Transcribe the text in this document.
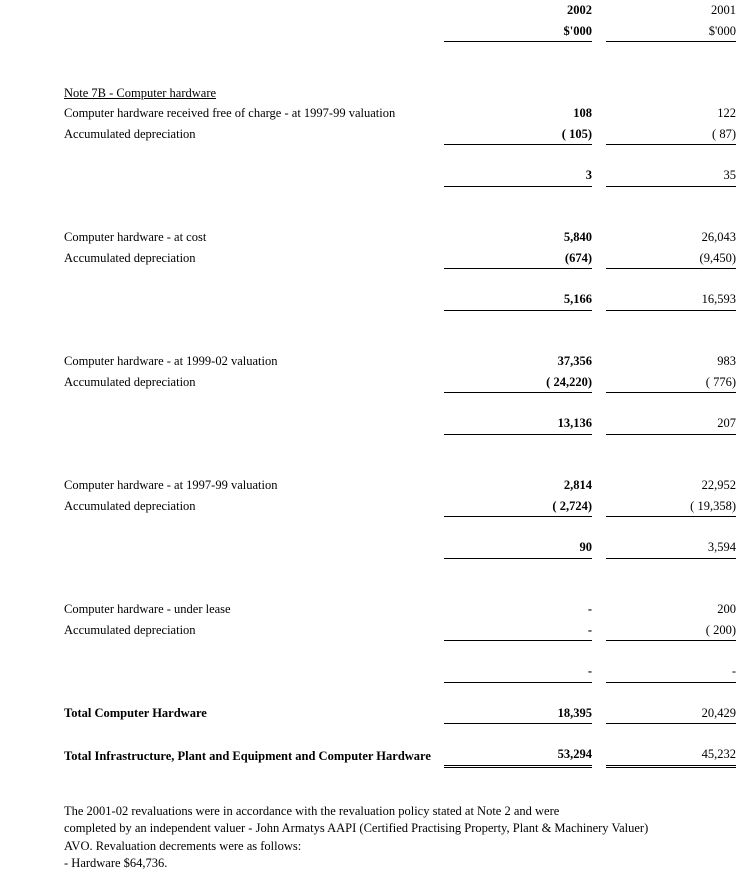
	2002		2001
	$'000		$'000

Note 7B - Computer hardware			
Computer hardware received free of charge - at 1997-99 valuation	108		122
Accumulated depreciation	( 105)		( 87)

	3		35

Computer hardware - at cost	5,840		26,043
Accumulated depreciation	(674)		(9,450)

	5,166		16,593

Computer hardware - at 1999-02 valuation	37,356		983
Accumulated depreciation	( 24,220)		( 776)

	13,136		207

Computer hardware - at 1997-99 valuation	2,814		22,952
Accumulated depreciation	( 2,724)		( 19,358)

	90		3,594

Computer hardware - under lease	-		200
Accumulated depreciation	-		( 200)

	-		-

Total Computer Hardware	18,395		20,429

Total Infrastructure, Plant and Equipment and Computer Hardware	53,294		45,232

The 2001-02 revaluations were in accordance with the revaluation policy stated at Note 2 and were

completed by an independent valuer - John Armatys AAPI (Certified Practising Property, Plant & Machinery Valuer)

AVO. Revaluation decrements were as follows:

- Hardware $64,736.
